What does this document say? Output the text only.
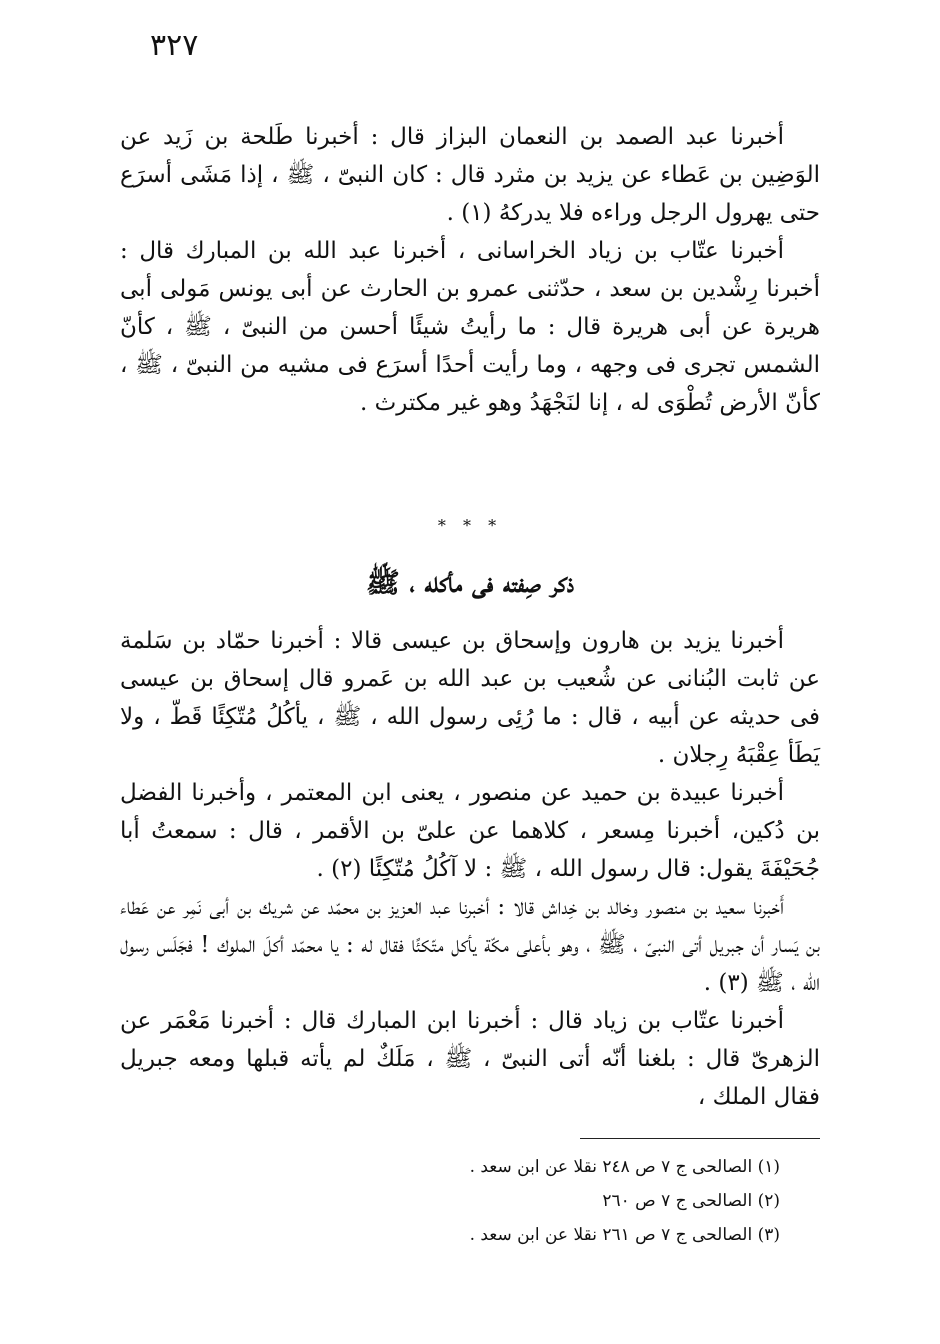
٣٢٧

أخبرنا عبد الصمد بن النعمان البزاز قال : أخبرنا طَلحة بن زَيد عن الوَضِين بن عَطاء عن يزيد بن مثرد قال : كان النبىّ ، ﷺ ، إذا مَشَى أسرَع حتى يهرول الرجل وراءه فلا يدركهُ (١) .

أخبرنا عتّاب بن زياد الخراسانى ، أخبرنا عبد الله بن المبارك قال : أخبرنا رِشْدين بن سعد ، حدّثنى عمرو بن الحارث عن أبى يونس مَولى أبى هريرة عن أبى هريرة قال : ما رأيتُ شيئًا أحسن من النبىّ ، ﷺ ، كأنّ الشمس تجرى فى وجهه ، وما رأيت أحدًا أسرَع فى مشيه من النبىّ ، ﷺ ، كأنّ الأرض تُطْوَى له ، إنا لنَجْهَدُ وهو غير مكترث .

* * *
ذكر صِفته فى مأكله ، ﷺ

أخبرنا يزيد بن هارون وإسحاق بن عيسى قالا : أخبرنا حمّاد بن سَلمة عن ثابت البُنانى عن شُعيب بن عبد الله بن عَمرو قال إسحاق بن عيسى فى حديثه عن أبيه ، قال : ما رُئِى رسول الله ، ﷺ ، يأكُلُ مُتّكِئًا قَطّ ، ولا يَطَأ عِقْبَهُ رِجلان .

أخبرنا عبيدة بن حميد عن منصور ، يعنى ابن المعتمر ، وأخبرنا الفضل بن دُكين، أخبرنا مِسعر ، كلاهما عن علىّ بن الأقمر ، قال : سمعتُ أبا جُحَيْفَةَ يقول: قال رسول الله ، ﷺ : لا آكُلُ مُتّكِئًا (٢) .

أَخبرنا سعيد بن منصور وخالد بن خِداش قالا : أخبرنا عبد العزيز بن محمّد عن شريك بن أبى نَمِر عن عَطاء بن يَسار أن جبريل أتى النبىّ ، ﷺ ، وهو بأعلى مكّة يأكل متّكئًا فقال له : يا محمّد أكلَ الملوك ! فجَلَس رسول الله ، ﷺ (٣) .

أخبرنا عتّاب بن زياد قال : أخبرنا ابن المبارك قال : أخبرنا مَعْمَر عن الزهرىّ قال : بلغنا أنّه أتى النبىّ ، ﷺ ، مَلَكٌ لم يأته قبلها ومعه جبريل فقال الملك ،

(١) الصالحى ج ٧ ص ٢٤٨ نقلا عن ابن سعد .

(٢) الصالحى ج ٧ ص ٢٦٠

(٣) الصالحى ج ٧ ص ٢٦١ نقلا عن ابن سعد .
